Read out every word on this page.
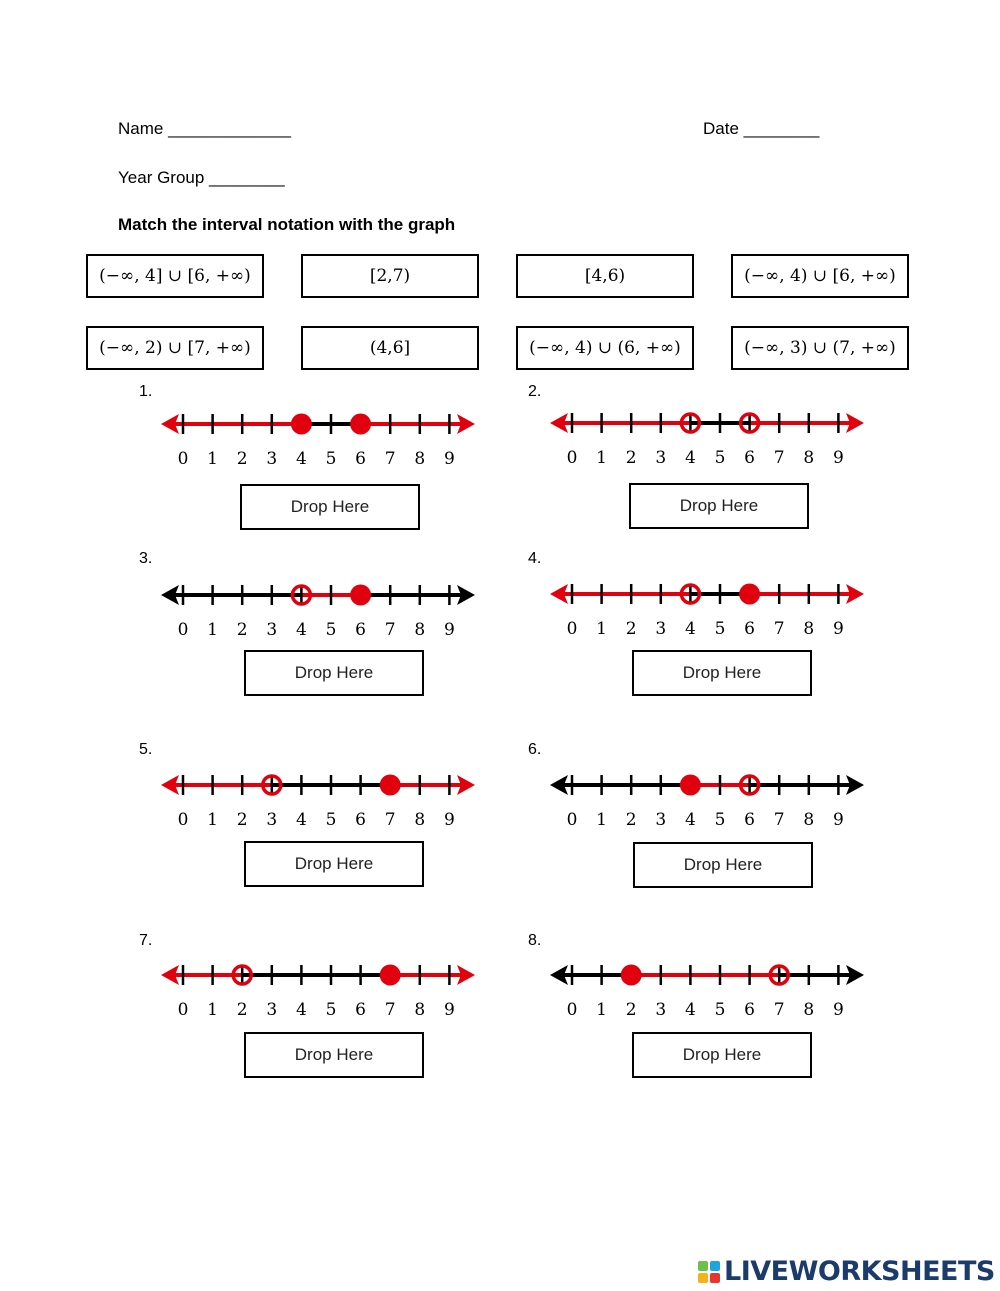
Name _____________	Date ________
Year Group ________
Match the interval notation with the graph
(−∞, 4] ∪ [6, +∞)	[2,7)	[4,6)	(−∞, 4) ∪ [6, +∞)
(−∞, 2) ∪ [7, +∞)	(4,6]	(−∞, 4) ∪ (6, +∞)	(−∞, 3) ∪ (7, +∞)
1.
0 1 2 3 4 5 6 7 8 9
Drop Here
2.
0 1 2 3 4 5 6 7 8 9
Drop Here
3.
0 1 2 3 4 5 6 7 8 9
Drop Here
4.
0 1 2 3 4 5 6 7 8 9
Drop Here
5.
0 1 2 3 4 5 6 7 8 9
Drop Here
6.
0 1 2 3 4 5 6 7 8 9
Drop Here
7.
0 1 2 3 4 5 6 7 8 9
Drop Here
8.
0 1 2 3 4 5 6 7 8 9
Drop Here
LIVEWORKSHEETS
